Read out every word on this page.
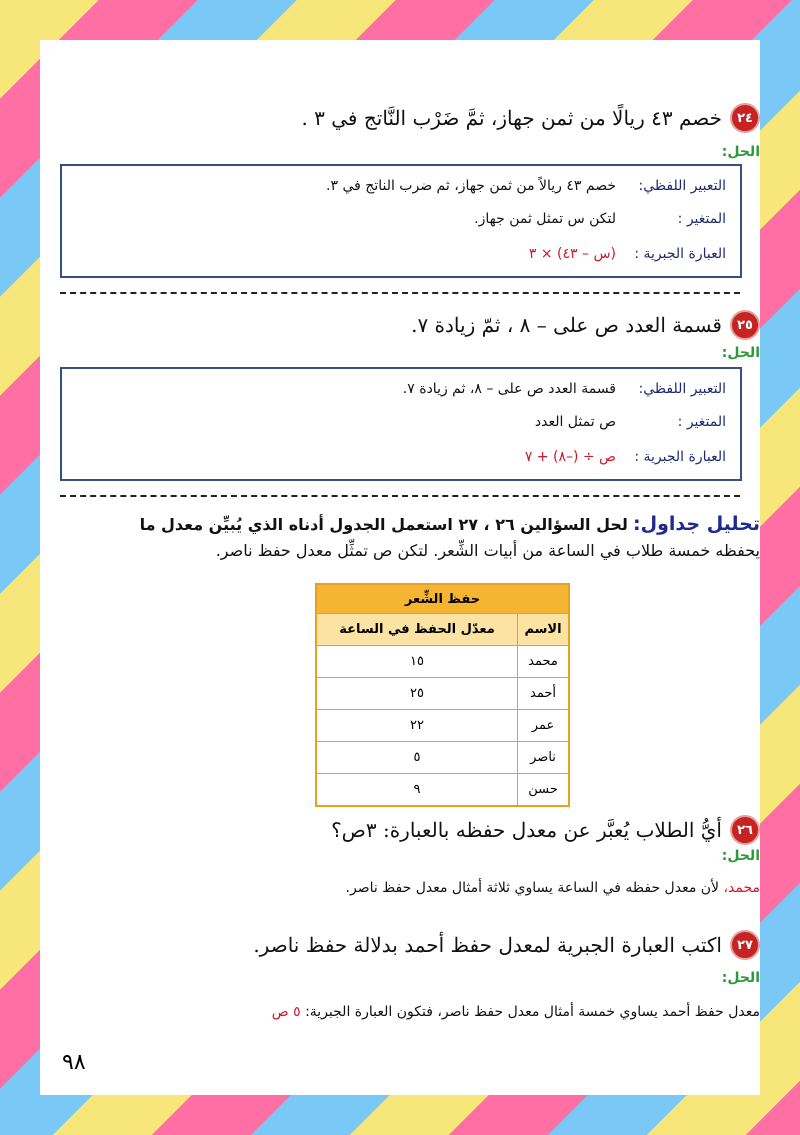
٢٤
خصم ٤٣ ريالًا من ثمن جهاز، ثمَّ ضَرْب النَّاتج في ٣ .
الحل:
التعبير اللفظي:
خصم ٤٣ ريالاً من ثمن جهاز، ثم ضرب الناتج في ٣.
المتغير :
لتكن س تمثل ثمن جهاز.
العبارة الجبرية :
(س – ٤٣) × ٣
٢٥
قسمة العدد ص على – ٨ ، ثمّ زيادة ٧.
الحل:
التعبير اللفظي:
قسمة العدد ص على – ٨، ثم زيادة ٧.
المتغير :
ص تمثل العدد
العبارة الجبرية :
ص ÷ (–٨) + ٧
تحليل جداول: لحل السؤالين ٢٦ ، ٢٧ استعمل الجدول أدناه الذي يُبيِّن معدل ما
يحفظه خمسة طلاب في الساعة من أبيات الشِّعر. لتكن ص تمثِّل معدل حفظ ناصر.
حفظ الشِّعر	
الاسم	معدّل الحفظ في الساعة
محمد	١٥
أحمد	٢٥
عمر	٢٢
ناصر	٥
حسن	٩
٢٦
أيُّ الطلاب يُعبَّر عن معدل حفظه بالعبارة: ٣ص؟
الحل:
محمد، لأن معدل حفظه في الساعة يساوي ثلاثة أمثال معدل حفظ ناصر.
٢٧
اكتب العبارة الجبرية لمعدل حفظ أحمد بدلالة حفظ ناصر.
الحل:
معدل حفظ أحمد يساوي خمسة أمثال معدل حفظ ناصر، فتكون العبارة الجبرية: ٥ ص
٩٨
